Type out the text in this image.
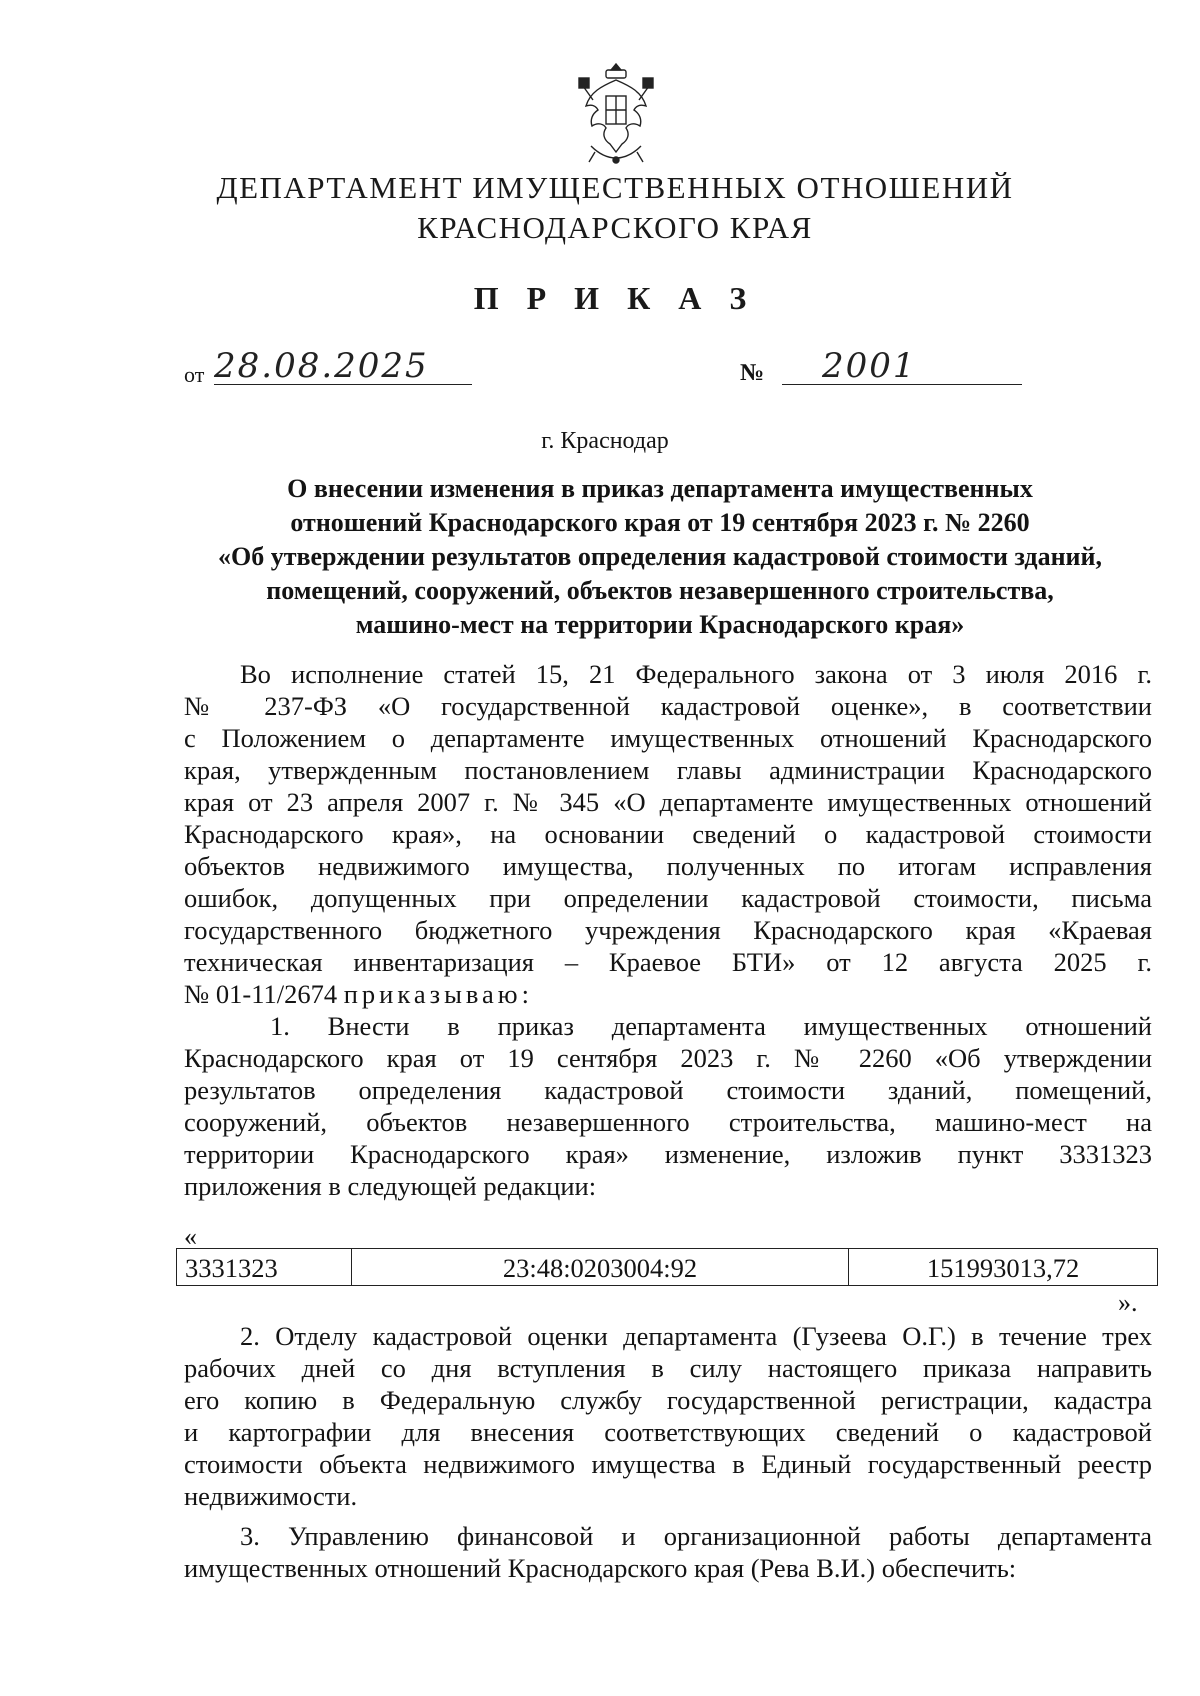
ДЕПАРТАМЕНТ ИМУЩЕСТВЕННЫХ ОТНОШЕНИЙ
КРАСНОДАРСКОГО КРАЯ
П Р И К А З
от 28.08.2025	№ 2001
г. Краснодар
О внесении изменения в приказ департамента имущественных
отношений Краснодарского края от 19 сентября 2023 г. № 2260
«Об утверждении результатов определения кадастровой стоимости зданий,
помещений, сооружений, объектов незавершенного строительства,
машино-мест на территории Краснодарского края»
Во исполнение статей 15, 21 Федерального закона от 3 июля 2016 г.
№ 237-ФЗ «О государственной кадастровой оценке», в соответствии
с Положением о департаменте имущественных отношений Краснодарского
края, утвержденным постановлением главы администрации Краснодарского
края от 23 апреля 2007 г. № 345 «О департаменте имущественных отношений
Краснодарского края», на основании сведений о кадастровой стоимости
объектов недвижимого имущества, полученных по итогам исправления
ошибок, допущенных при определении кадастровой стоимости, письма
государственного бюджетного учреждения Краснодарского края «Краевая
техническая инвентаризация – Краевое БТИ» от 12 августа 2025 г.
№ 01-11/2674 приказываю:
1. Внести в приказ департамента имущественных отношений
Краснодарского края от 19 сентября 2023 г. № 2260 «Об утверждении
результатов определения кадастровой стоимости зданий, помещений,
сооружений, объектов незавершенного строительства, машино-мест на
территории Краснодарского края» изменение, изложив пункт 3331323
приложения в следующей редакции:
«
3331323	23:48:0203004:92	151993013,72
».
2. Отделу кадастровой оценки департамента (Гузеева О.Г.) в течение трех
рабочих дней со дня вступления в силу настоящего приказа направить
его копию в Федеральную службу государственной регистрации, кадастра
и картографии для внесения соответствующих сведений о кадастровой
стоимости объекта недвижимого имущества в Единый государственный реестр
недвижимости.
3. Управлению финансовой и организационной работы департамента
имущественных отношений Краснодарского края (Рева В.И.) обеспечить:
